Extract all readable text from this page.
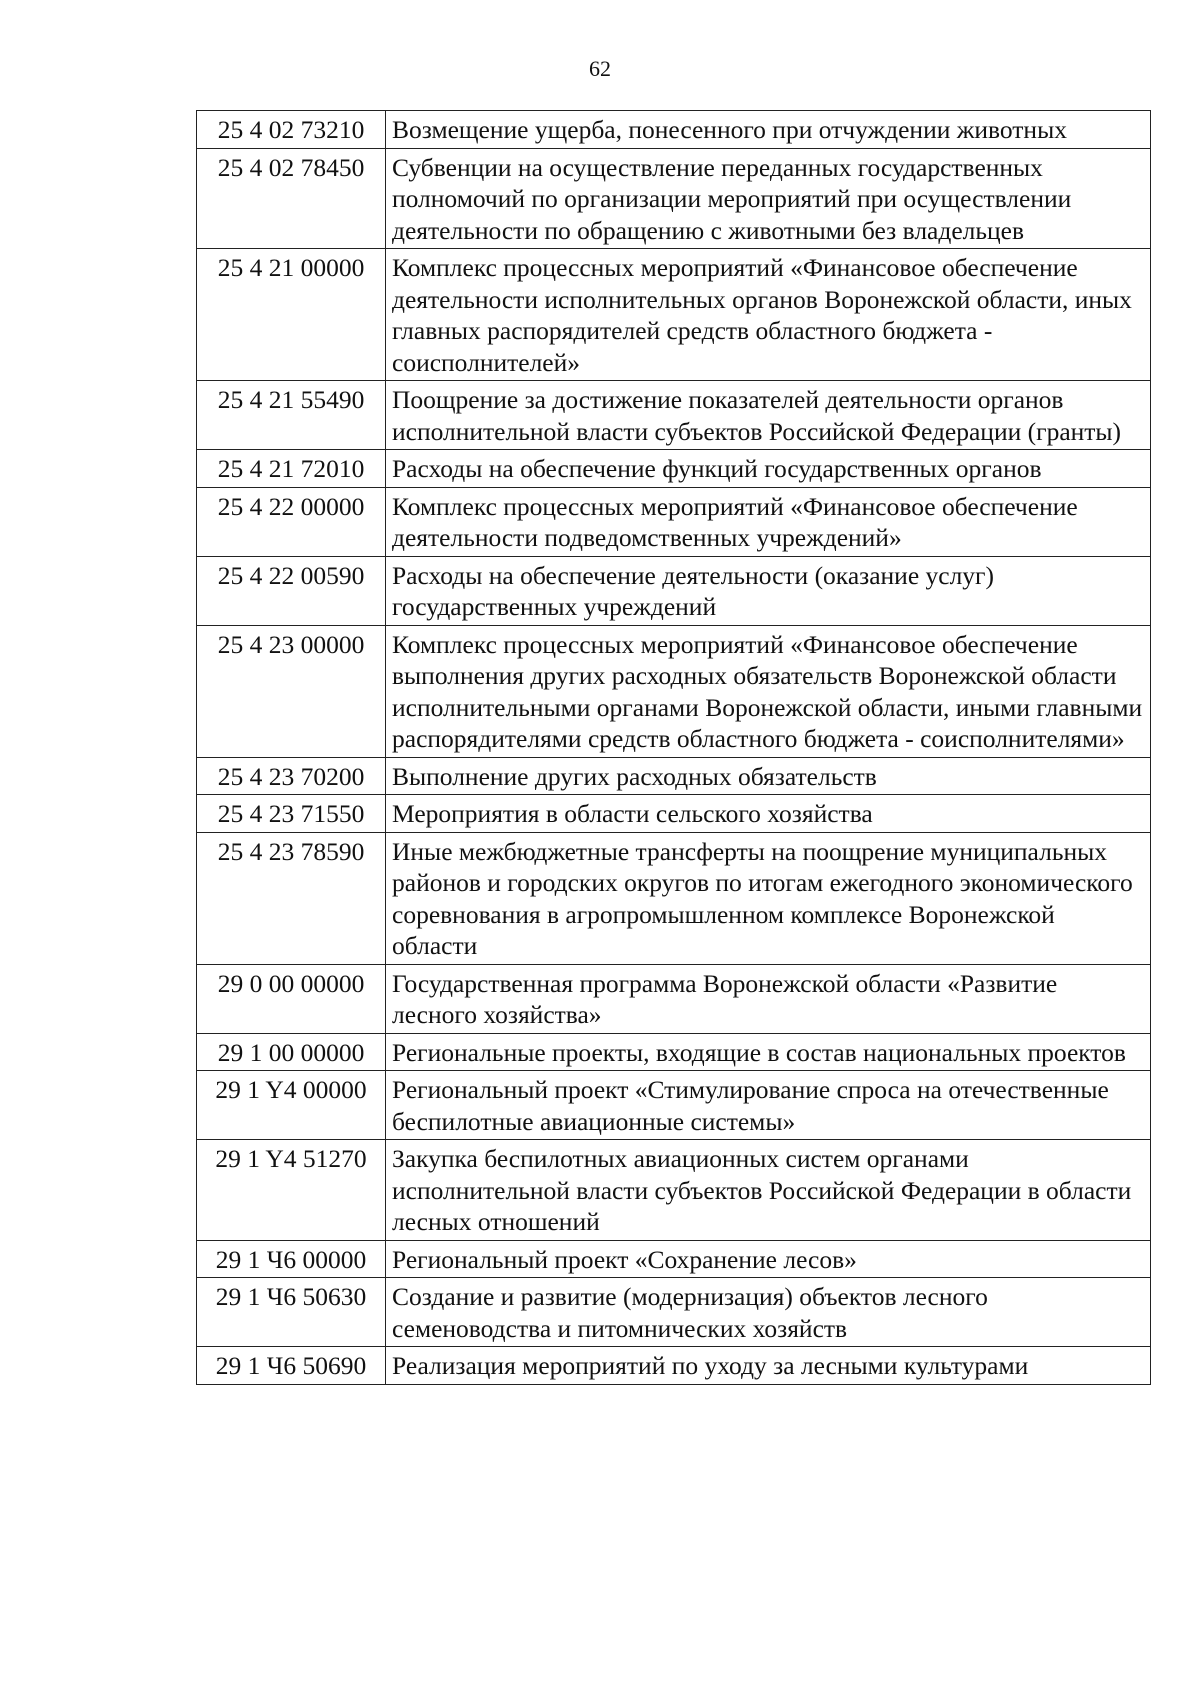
62
25 4 02 73210	Возмещение ущерба, понесенного при отчуждении животных
25 4 02 78450	Субвенции на осуществление переданных государственных полномочий по организации мероприятий при осуществлении деятельности по обращению с животными без владельцев
25 4 21 00000	Комплекс процессных мероприятий «Финансовое обеспечение деятельности исполнительных органов Воронежской области, иных главных распорядителей средств областного бюджета - соисполнителей»
25 4 21 55490	Поощрение за достижение показателей деятельности органов исполнительной власти субъектов Российской Федерации (гранты)
25 4 21 72010	Расходы на обеспечение функций государственных органов
25 4 22 00000	Комплекс процессных мероприятий «Финансовое обеспечение деятельности подведомственных учреждений»
25 4 22 00590	Расходы на обеспечение деятельности (оказание услуг) государственных учреждений
25 4 23 00000	Комплекс процессных мероприятий «Финансовое обеспечение выполнения других расходных обязательств Воронежской области исполнительными органами Воронежской области, иными главными распорядителями средств областного бюджета - соисполнителями»
25 4 23 70200	Выполнение других расходных обязательств
25 4 23 71550	Мероприятия в области сельского хозяйства
25 4 23 78590	Иные межбюджетные трансферты на поощрение муниципальных районов и городских округов по итогам ежегодного экономического соревнования в агропромышленном комплексе Воронежской области
29 0 00 00000	Государственная программа Воронежской области «Развитие лесного хозяйства»
29 1 00 00000	Региональные проекты, входящие в состав национальных проектов
29 1 Y4 00000	Региональный проект «Стимулирование спроса на отечественные беспилотные авиационные системы»
29 1 Y4 51270	Закупка беспилотных авиационных систем органами исполнительной власти субъектов Российской Федерации в области лесных отношений
29 1 Ч6 00000	Региональный проект «Сохранение лесов»
29 1 Ч6 50630	Создание и развитие (модернизация) объектов лесного семеноводства и питомнических хозяйств
29 1 Ч6 50690	Реализация мероприятий по уходу за лесными культурами
